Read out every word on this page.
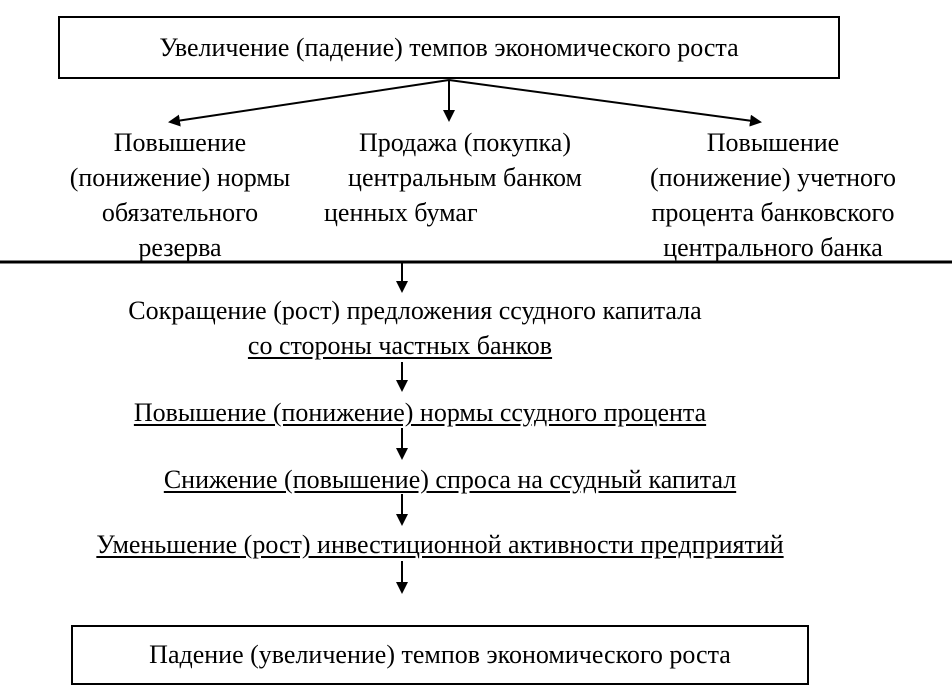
Увеличение (падение) темпов экономического роста
Повышение
(понижение) нормы
обязательного
резерва
Продажа (покупка)
центральным банком
ценных бумаг
Повышение
(понижение) учетного
процента банковского
центрального банка
Сокращение (рост) предложения ссудного капитала
со стороны частных банков
Повышение (понижение) нормы ссудного процента
Снижение (повышение) спроса на ссудный капитал
Уменьшение (рост) инвестиционной активности предприятий
Падение (увеличение) темпов экономического роста
